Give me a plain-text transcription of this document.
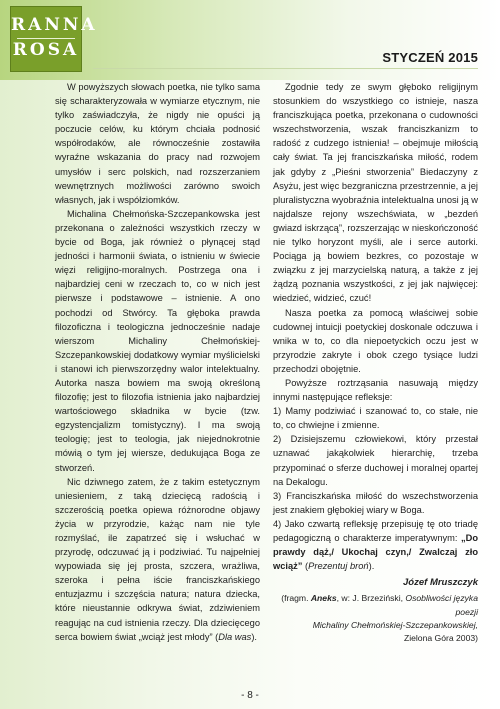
RANNA
ROSA	STYCZEŃ 2015

W powyższych słowach poetka, nie tylko sama się scharakteryzowała w wymiarze etycznym, nie tylko zaświadczyła, że nigdy nie opuści ją poczucie celów, ku którym chciała podnosić współrodaków, ale równocześnie zostawiła wyraźne wskazania do pracy nad rozwojem umysłów i serc polskich, nad rozszerzaniem wewnętrznych możliwości zarówno swoich własnych, jak i współziomków.

Michalina Chełmońska-Szczepankowska jest przekonana o zależności wszystkich rzeczy w bycie od Boga, jak również o płynącej stąd jedności i harmonii świata, o istnieniu w świecie więzi religijno-moralnych. Postrzega ona i najbardziej ceni w rzeczach to, co w nich jest pierwsze i podstawowe – istnienie. A ono pochodzi od Stwórcy. Ta głęboka prawda filozoficzna i teologiczna jednocześnie nadaje wierszom Michaliny Chełmońskiej-Szczepankowskiej dodatkowy wymiar myślicielski i stanowi ich pierwszorzędny walor intelektualny. Autorka nasza bowiem ma swoją określoną filozofię; jest to filozofia istnienia jako najbardziej wartościowego składnika w bycie (tzw. egzystencjalizm tomistyczny). I ma swoją teologię; jest to teologia, jak niejednokrotnie mówią o tym jej wiersze, dedukująca Boga ze stworzeń.

Nic dziwnego zatem, że z takim estetycznym uniesieniem, z taką dziecięcą radością i szczerością poetka opiewa różnorodne objawy życia w przyrodzie, każąc nam nie tyle rozmyślać, ile zapatrzeć się i wsłuchać w przyrodę, odczuwać ją i podziwiać. Tu najpełniej wypowiada się jej prosta, szczera, wrażliwa, szeroka i pełna iście franciszkańskiego entuzjazmu i szczęścia natura; natura dziecka, które nieustannie odkrywa świat, zdziwieniem reagując na cud istnienia rzeczy. Dla dziecięcego serca bowiem świat „wciąż jest młody” (Dla was).

Zgodnie tedy ze swym głęboko religijnym stosunkiem do wszystkiego co istnieje, nasza franciszkująca poetka, przekonana o cudowności wszechstworzenia, wszak franciszkanizm to radość z cudzego istnienia! – obejmuje miłością cały świat. Ta jej franciszkańska miłość, rodem jak gdyby z „Pieśni stworzenia” Biedaczyny z Asyżu, jest więc bezgraniczna przestrzennie, a jej pluralistyczna wyobraźnia intelektualna unosi ją w najdalsze rejony wszechświata, w „bezdeń gwiazd iskrzącą”, rozszerzając w nieskończoność nie tylko horyzont myśli, ale i serce autorki. Pociąga ją bowiem bezkres, co pozostaje w związku z jej marzycielską naturą, a także z jej żądzą poznania wszystkości, z jej jak najwięcej: wiedzieć, widzieć, czuć!

Nasza poetka za pomocą właściwej sobie cudownej intuicji poetyckiej doskonale odczuwa i wnika w to, co dla niepoetyckich oczu jest w przyrodzie zakryte i obok czego tysiące ludzi przechodzi obojętnie.

Powyższe roztrząsania nasuwają między innymi następujące refleksje:

1) Mamy podziwiać i szanować to, co stałe, nie to, co chwiejne i zmienne.

2) Dzisiejszemu człowiekowi, który przestał uznawać jakąkolwiek hierarchię, trzeba przypominać o sferze duchowej i moralnej opartej na Dekalogu.

3) Franciszkańska miłość do wszechstworzenia jest znakiem głębokiej wiary w Boga.

4) Jako czwartą refleksję przepisuję tę oto triadę pedagogiczną o charakterze imperatywnym: „Do prawdy dąż,/ Ukochaj czyn,/ Zwalczaj zło wciąż” (Prezentuj broń).

Józef Mruszczyk
(fragm. Aneks, w: J. Brzeziński, Osobliwości języka poezji
Michaliny Chełmońskiej-Szczepankowskiej,
Zielona Góra 2003)
- 8 -
